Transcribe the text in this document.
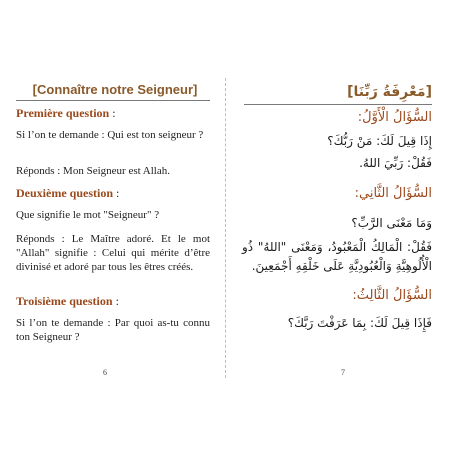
[Connaître notre Seigneur]
Première question :
Si l’on te demande : Qui est ton seigneur ?
Réponds : Mon Seigneur est Allah.
Deuxième question :
Que signifie le mot "Seigneur" ?
Réponds : Le Maître adoré. Et le mot "Allah" signifie : Celui qui mérite d’être divinisé et adoré par tous les êtres créés.
Troisième question :
Si l’on te demande : Par quoi as-tu connu ton Seigneur ?
6
[مَعْرِفَةُ رَبِّنَا]
السُّؤَالُ الْأَوَّلُ:
إِذَا قِيلَ لَكَ: مَنْ رَبُّكَ؟
فَقُلْ: رَبِّيَ اللهُ.
السُّؤَالُ الثَّانِي:
وَمَا مَعْنَى الرَّبِّ؟
فَقُلْ: الْمَالِكُ الْمَعْبُودُ، وَمَعْنَى "اللهُ" ذُو الْأُلُوهِيَّةِ وَالْعُبُودِيَّةِ عَلَى خَلْقِهِ أَجْمَعِينَ.
السُّؤَالُ الثَّالِثُ:
فَإِذَا قِيلَ لَكَ: بِمَا عَرَفْتَ رَبَّكَ؟
7
